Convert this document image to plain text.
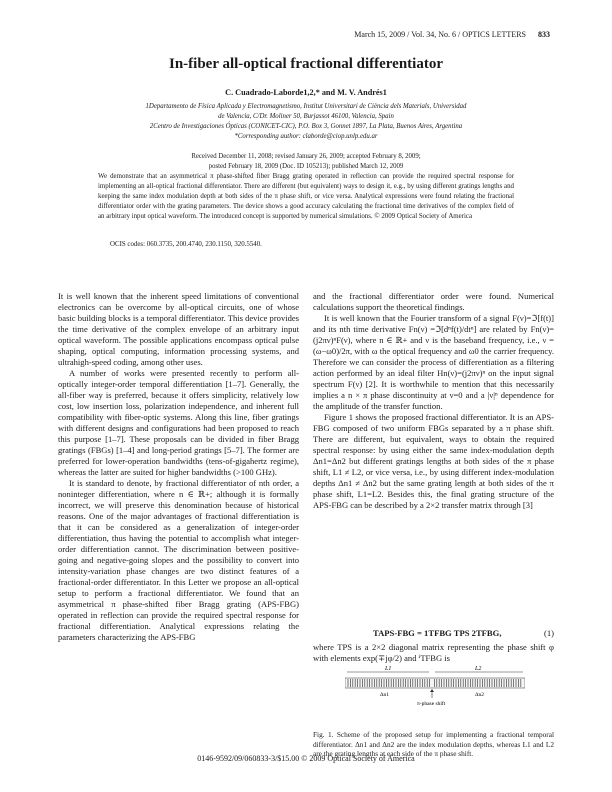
March 15, 2009 / Vol. 34, No. 6 / OPTICS LETTERS 833
In-fiber all-optical fractional differentiator
C. Cuadrado-Laborde1,2,* and M. V. Andrés1
1Departamento de Física Aplicada y Electromagnetismo, Institut Universitari de Ciència dels Materials, Universidad
de Valencia, C/Dr. Moliner 50, Burjassot 46100, Valencia, Spain
2Centro de Investigaciones Ópticas (CONICET-CIC), P.O. Box 3, Gonnet 1897, La Plata, Buenos Aires, Argentina
*Corresponding author: claborde@ciop.unlp.edu.ar
Received December 11, 2008; revised January 26, 2009; accepted February 8, 2009;
posted February 18, 2009 (Doc. ID 105213); published March 12, 2009
We demonstrate that an asymmetrical π phase-shifted fiber Bragg grating operated in reflection can provide the required spectral response for implementing an all-optical fractional differentiator. There are different (but equivalent) ways to design it, e.g., by using different gratings lengths and keeping the same index modulation depth at both sides of the π phase shift, or vice versa. Analytical expressions were found relating the fractional differentiator order with the grating parameters. The device shows a good accuracy calculating the fractional time derivatives of the complex field of an arbitrary input optical waveform. The introduced concept is supported by numerical simulations. © 2009 Optical Society of America
OCIS codes: 060.3735, 200.4740, 230.1150, 320.5540.

It is well known that the inherent speed limitations of conventional electronics can be overcome by all-optical circuits, one of whose basic building blocks is a temporal differentiator. This device provides the time derivative of the complex envelope of an arbitrary input optical waveform. The possible applications encompass optical pulse shaping, optical computing, information processing systems, and ultrahigh-speed coding, among other uses.

A number of works were presented recently to perform all-optically integer-order temporal differentiation [1–7]. Generally, the all-fiber way is preferred, because it offers simplicity, relatively low cost, low insertion loss, polarization independence, and inherent full compatibility with fiber-optic systems. Along this line, fiber gratings with different designs and configurations had been proposed to reach this purpose [1–7]. These proposals can be divided in fiber Bragg gratings (FBGs) [1–4] and long-period gratings [5–7]. The former are preferred for lower-operation bandwidths (tens-of-gigahertz regime), whereas the latter are suited for higher bandwidths (>100 GHz).

It is standard to denote, by fractional differentiator of nth order, a noninteger differentiation, where n ∈ ℝ+; although it is formally incorrect, we will preserve this denomination because of historical reasons. One of the major advantages of fractional differentiation is that it can be considered as a generalization of integer-order differentiation, thus having the potential to accomplish what integer-order differentiation cannot. The discrimination between positive-going and negative-going slopes and the possibility to convert into intensity-variation phase changes are two distinct features of a fractional-order differentiator. In this Letter we propose an all-optical setup to perform a fractional differentiator. We found that an asymmetrical π phase-shifted fiber Bragg grating (APS-FBG) operated in reflection can provide the required spectral response for fractional differentiation. Analytical expressions relating the parameters characterizing the APS-FBG

and the fractional differentiator order were found. Numerical calculations support the theoretical findings.

It is well known that the Fourier transform of a signal F(ν)=ℑ[f(t)] and its nth time derivative Fn(ν) =ℑ[dⁿf(t)/dtⁿ] are related by Fn(ν)=(j2πν)ⁿF(ν), where n ∈ ℝ+ and ν is the baseband frequency, i.e., ν =(ω−ω0)/2π, with ω the optical frequency and ω0 the carrier frequency. Therefore we can consider the process of differentiation as a filtering action performed by an ideal filter Hn(ν)=(j2πν)ⁿ on the input signal spectrum F(ν) [2]. It is worthwhile to mention that this necessarily implies a n × π phase discontinuity at ν=0 and a |ν|ⁿ dependence for the amplitude of the transfer function.

Figure 1 shows the proposed fractional differentiator. It is an APS-FBG composed of two uniform FBGs separated by a π phase shift. There are different, but equivalent, ways to obtain the required spectral response: by using either the same index-modulation depth Δn1=Δn2 but different gratings lengths at both sides of the π phase shift, L1 ≠ L2, or vice versa, i.e., by using different index-modulation depths Δn1 ≠ Δn2 but the same grating length at both sides of the π phase shift, L1=L2. Besides this, the final grating structure of the APS-FBG can be described by a 2×2 transfer matrix through [3]

TAPS-FBG = 1TFBG TPS 2TFBG,	(1)
where TPS is a 2×2 diagonal matrix representing the phase shift φ with elements exp(∓jφ/2) and ⁱTFBG is
L1	L2
Δn1	Δn2
π-phase shift
Fig. 1. Scheme of the proposed setup for implementing a fractional temporal differentiator. Δn1 and Δn2 are the index modulation depths, whereas L1 and L2 are the grating lengths at each side of the π phase shift.
0146-9592/09/060833-3/$15.00 © 2009 Optical Society of America
